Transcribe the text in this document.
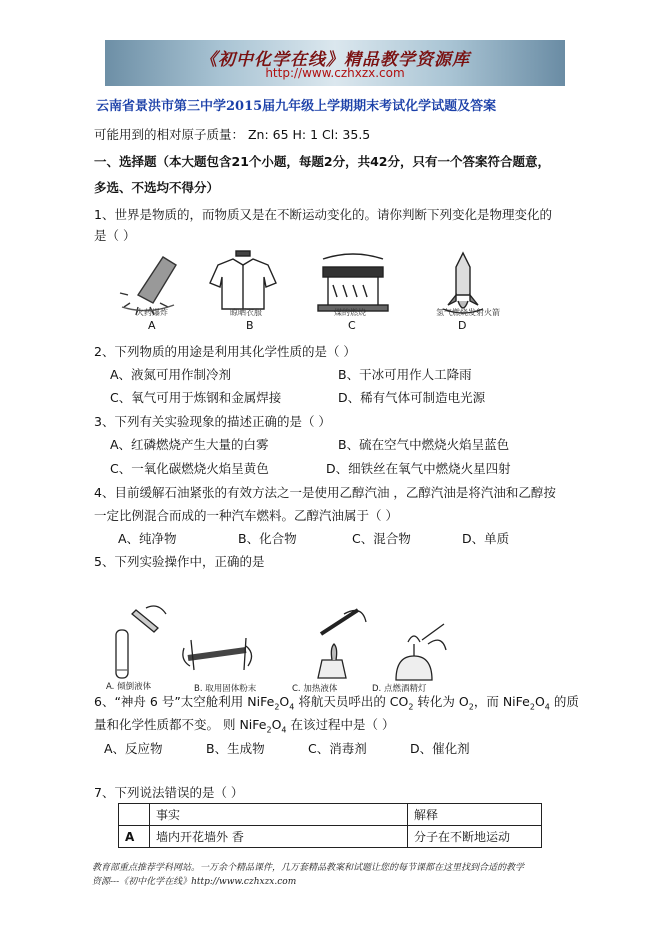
《初中化学在线》精品教学资源库
http://www.czhxzx.com
云南省景洪市第三中学2015届九年级上学期期末考试化学试题及答案
可能用到的相对原子质量： Zn: 65 H: 1 Cl: 35.5
一、选择题（本大题包含21个小题，每题2分，共42分，只有一个答案符合题意，
多选、不选均不得分）
1、世界是物质的，而物质又是在不断运动变化的。请你判断下列变化是物理变化的
是（ ）
火药爆炸	晾晒衣服	煤的燃烧	氢气燃烧发射火箭
A	B	C	D
2、下列物质的用途是利用其化学性质的是（ ）
A、液氮可用作制冷剂	B、干冰可用作人工降雨
C、氧气可用于炼钢和金属焊接	D、稀有气体可制造电光源
3、下列有关实验现象的描述正确的是（ ）
A、红磷燃烧产生大量的白雾	B、硫在空气中燃烧火焰呈蓝色
C、一氧化碳燃烧火焰呈黄色	D、细铁丝在氧气中燃烧火星四射
4、目前缓解石油紧张的有效方法之一是使用乙醇汽油 ，乙醇汽油是将汽油和乙醇按
一定比例混合而成的一种汽车燃料。乙醇汽油属于（ ）
A、纯净物	B、化合物	C、混合物	D、单质
5、下列实验操作中，正确的是
A. 倾倒液体	B. 取用固体粉末	C. 加热液体	D. 点燃酒精灯
6、“神舟 6 号”太空舱利用 $NiFe_2O_4$ 将航天员呼出的 $CO_2$ 转化为 $O_2$，而 $NiFe_2O_4$ 的质
量和化学性质都不变。 则 $NiFe_2O_4$ 在该过程中是（ ）
A、反应物	B、生成物	C、消毒剂	D、催化剂
7、下列说法错误的是（ ）
	事实	解释
A	墙内开花墙外 香	分子在不断地运动
教育部重点推荐学科网站。一万余个精品课件，几万套精品教案和试题让您的每节课都在这里找到合适的教学
资源---《初中化学在线》http://www.czhxzx.com
